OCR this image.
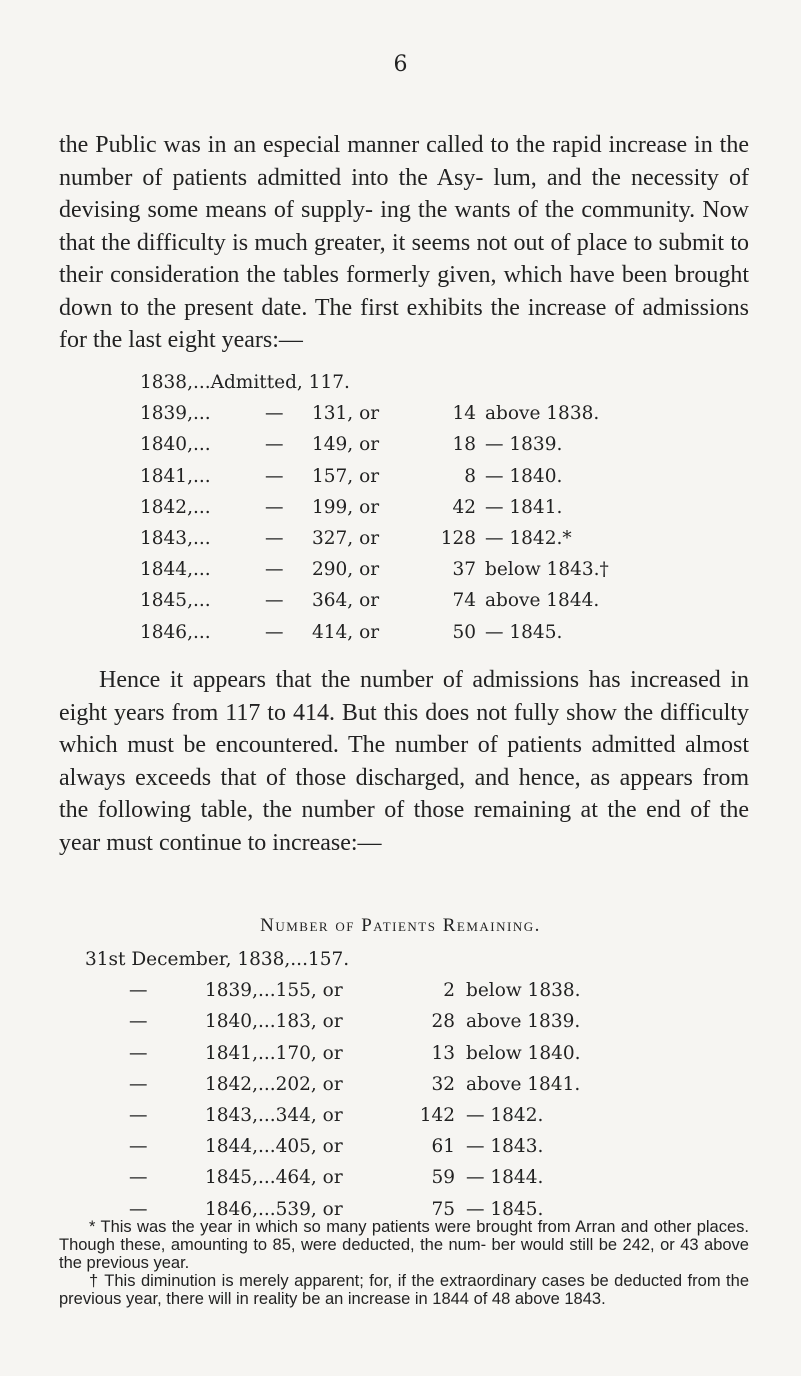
6
the Public was in an especial manner called to the rapid increase in the number of patients admitted into the Asy- lum, and the necessity of devising some means of supply- ing the wants of the community. Now that the difficulty is much greater, it seems not out of place to submit to their consideration the tables formerly given, which have been brought down to the present date. The first exhibits the increase of admissions for the last eight years:—
1838,...Admitted, 117.
1839,...	— 131, or	14 above 1838.
1840,...	— 149, or	18 — 1839.
1841,...	— 157, or	8 — 1840.
1842,...	— 199, or	42 — 1841.
1843,...	— 327, or	128 — 1842.*
1844,...	— 290, or	37 below 1843.†
1845,...	— 364, or	74 above 1844.
1846,...	— 414, or	50 — 1845.
Hence it appears that the number of admissions has increased in eight years from 117 to 414. But this does not fully show the difficulty which must be encountered. The number of patients admitted almost always exceeds that of those discharged, and hence, as appears from the following table, the number of those remaining at the end of the year must continue to increase:—
Number of Patients Remaining.
31st December, 1838,...157.
—	1839,...155, or	2 below 1838.
—	1840,...183, or	28 above 1839.
—	1841,...170, or	13 below 1840.
—	1842,...202, or	32 above 1841.
—	1843,...344, or	142 — 1842.
—	1844,...405, or	61 — 1843.
—	1845,...464, or	59 — 1844.
—	1846,...539, or	75 — 1845.

* This was the year in which so many patients were brought from Arran and other places. Though these, amounting to 85, were deducted, the num- ber would still be 242, or 43 above the previous year.

† This diminution is merely apparent; for, if the extraordinary cases be deducted from the previous year, there will in reality be an increase in 1844 of 48 above 1843.
